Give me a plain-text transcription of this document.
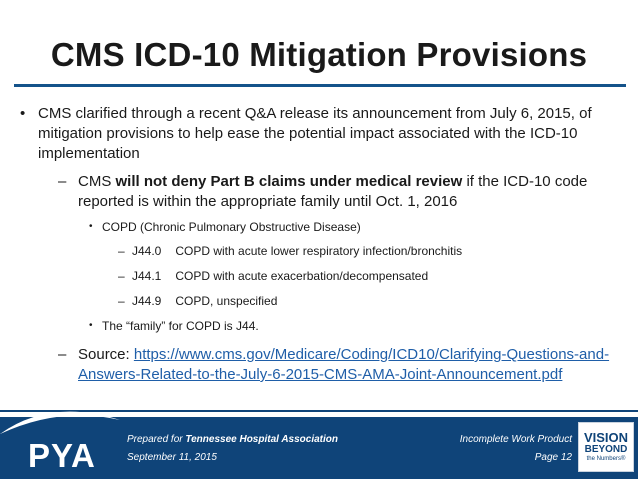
CMS ICD-10 Mitigation Provisions
• CMS clarified through a recent Q&A release its announcement from July 6, 2015, of mitigation provisions to help ease the potential impact associated with the ICD-10 implementation
– CMS will not deny Part B claims under medical review if the ICD-10 code reported is within the appropriate family until Oct. 1, 2016
• COPD (Chronic Pulmonary Obstructive Disease)
– J44.0 COPD with acute lower respiratory infection/bronchitis
– J44.1 COPD with acute exacerbation/decompensated
– J44.9 COPD, unspecified
• The “family” for COPD is J44.
– Source: https://www.cms.gov/Medicare/Coding/ICD10/Clarifying-Questions-and-Answers-Related-to-the-July-6-2015-CMS-AMA-Joint-Announcement.pdf
PYA	Prepared for Tennessee Hospital Association
September 11, 2015
Incomplete Work Product
Page 12
VISION
BEYOND
the Numbers®
